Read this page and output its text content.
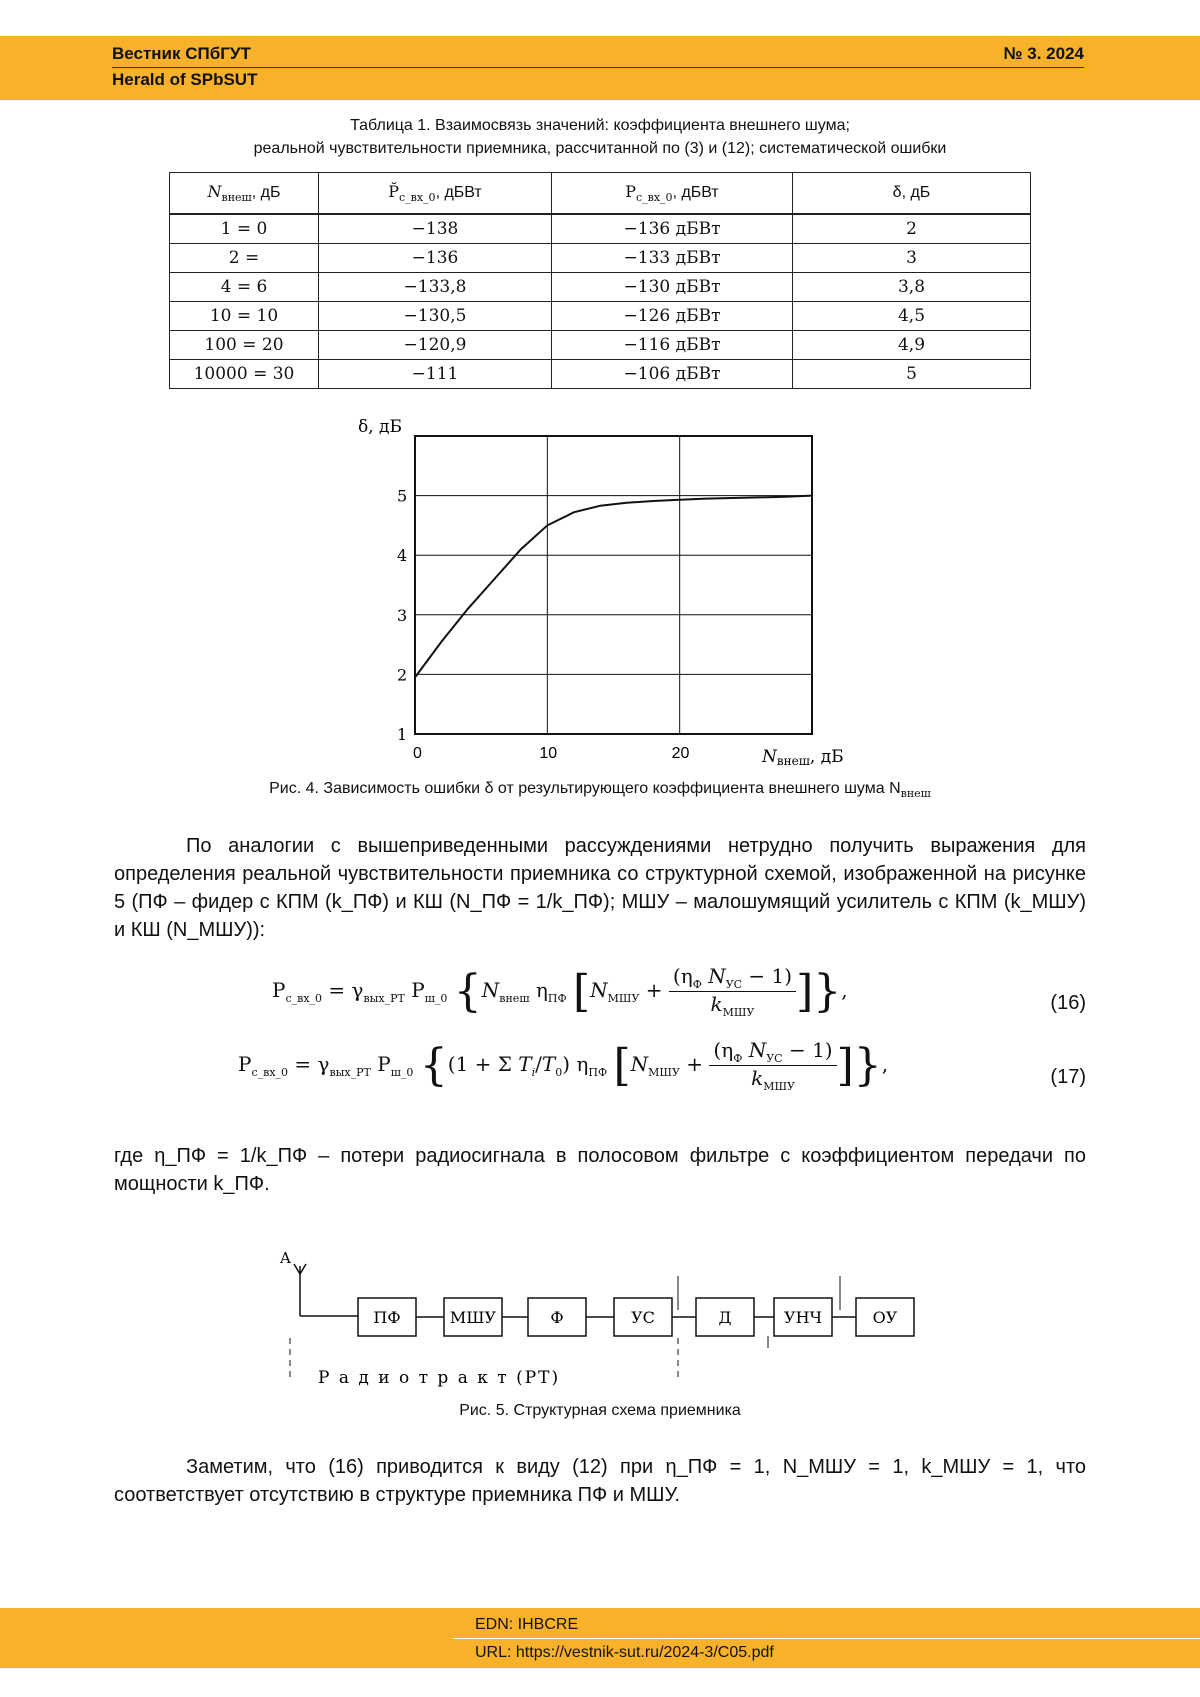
Вестник СПбГУТ
Herald of SPbSUT
№ 3. 2024
Таблица 1. Взаимосвязь значений: коэффициента внешнего шума;
реальной чувствительности приемника, рассчитанной по (3) и (12); систематической ошибки
$N_{внеш}$, дБ	$P̆_{с\_вх\_0}$, дБВт	$P_{с\_вх\_0}$, дБВт	δ, дБ
1 = 0	−138	−136 дБВт	2
2 =	−136	−133 дБВт	3
4 = 6	−133,8	−130 дБВт	3,8
10 = 10	−130,5	−126 дБВт	4,5
100 = 20	−120,9	−116 дБВт	4,9
10000 = 30	−111	−106 дБВт	5
1
2
3
4
5
0	10	20
δ, дБ
Nвнеш, дБ
Рис. 4. Зависимость ошибки δ от результирующего коэффициента внешнего шума $N_{внеш}$
По аналогии с вышеприведенными рассуждениями нетрудно получить выражения для определения реальной чувствительности приемника со структурной схемой, изображенной на рисунке 5 (ПФ – фидер с КПМ (k_ПФ) и КШ (N_ПФ = 1/k_ПФ); МШУ – малошумящий усилитель с КПМ (k_МШУ) и КШ (N_МШУ)):
$P_{с\_вх\_0} = \gamma_{вых\_РТ}$ $P_{ш\_0}$ {$N_{внеш}$ $\eta_{ПФ}$ [$N_{МШУ}$ +
($\eta_Ф$ $N_{УС} - 1$)
$k_{МШУ}$ ]},
(16)
$P_{с\_вх\_0} = \gamma_{вых\_РТ}$ $P_{ш\_0}$ {(1 + Σ $T_i/T_0$) $\eta_{ПФ}$ [$N_{МШУ}$ +
($\eta_Ф$ $N_{УС} - 1$)
$k_{МШУ}$ ]},
(17)
где η_ПФ = 1/k_ПФ – потери радиосигнала в полосовом фильтре с коэффициентом передачи по мощности k_ПФ.
A
ПФ	МШУ	Ф	УС	Д	УНЧ	ОУ
Р а д и о т р а к т (РТ)
Рис. 5. Структурная схема приемника
Заметим, что (16) приводится к виду (12) при η_ПФ = 1, N_МШУ = 1, k_МШУ = 1, что соответствует отсутствию в структуре приемника ПФ и МШУ.
EDN: IHBCRE
URL: https://vestnik-sut.ru/2024-3/C05.pdf
